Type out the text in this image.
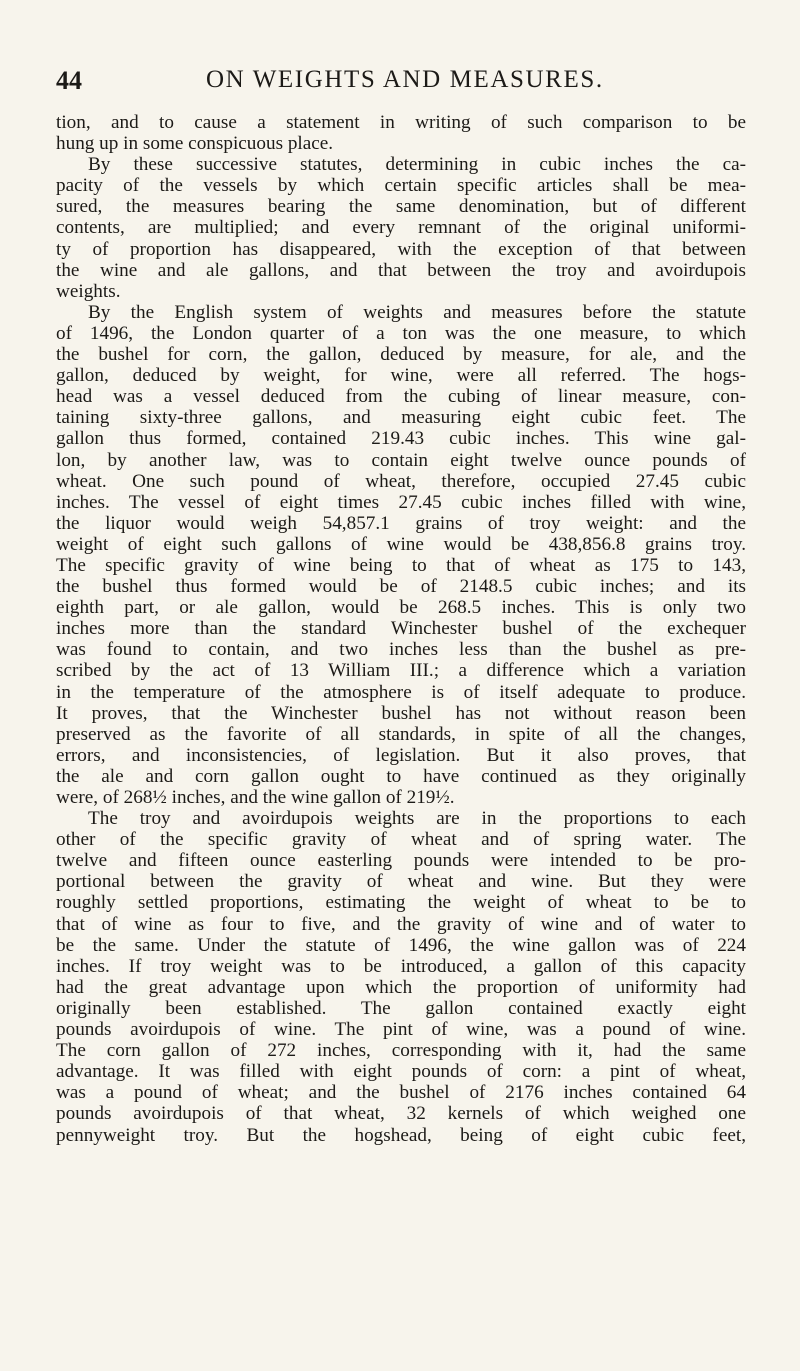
44	ON WEIGHTS AND MEASURES.
tion, and to cause a statement in writing of such comparison to be
hung up in some conspicuous place.
By these successive statutes, determining in cubic inches the ca-
pacity of the vessels by which certain specific articles shall be mea-
sured, the measures bearing the same denomination, but of different
contents, are multiplied; and every remnant of the original uniformi-
ty of proportion has disappeared, with the exception of that between
the wine and ale gallons, and that between the troy and avoirdupois
weights.
By the English system of weights and measures before the statute
of 1496, the London quarter of a ton was the one measure, to which
the bushel for corn, the gallon, deduced by measure, for ale, and the
gallon, deduced by weight, for wine, were all referred. The hogs-
head was a vessel deduced from the cubing of linear measure, con-
taining sixty-three gallons, and measuring eight cubic feet. The
gallon thus formed, contained 219.43 cubic inches. This wine gal-
lon, by another law, was to contain eight twelve ounce pounds of
wheat. One such pound of wheat, therefore, occupied 27.45 cubic
inches. The vessel of eight times 27.45 cubic inches filled with wine,
the liquor would weigh 54,857.1 grains of troy weight: and the
weight of eight such gallons of wine would be 438,856.8 grains troy.
The specific gravity of wine being to that of wheat as 175 to 143,
the bushel thus formed would be of 2148.5 cubic inches; and its
eighth part, or ale gallon, would be 268.5 inches. This is only two
inches more than the standard Winchester bushel of the exchequer
was found to contain, and two inches less than the bushel as pre-
scribed by the act of 13 William III.; a difference which a variation
in the temperature of the atmosphere is of itself adequate to produce.
It proves, that the Winchester bushel has not without reason been
preserved as the favorite of all standards, in spite of all the changes,
errors, and inconsistencies, of legislation. But it also proves, that
the ale and corn gallon ought to have continued as they originally
were, of 268½ inches, and the wine gallon of 219½.
The troy and avoirdupois weights are in the proportions to each
other of the specific gravity of wheat and of spring water. The
twelve and fifteen ounce easterling pounds were intended to be pro-
portional between the gravity of wheat and wine. But they were
roughly settled proportions, estimating the weight of wheat to be to
that of wine as four to five, and the gravity of wine and of water to
be the same. Under the statute of 1496, the wine gallon was of 224
inches. If troy weight was to be introduced, a gallon of this capacity
had the great advantage upon which the proportion of uniformity had
originally been established. The gallon contained exactly eight
pounds avoirdupois of wine. The pint of wine, was a pound of wine.
The corn gallon of 272 inches, corresponding with it, had the same
advantage. It was filled with eight pounds of corn: a pint of wheat,
was a pound of wheat; and the bushel of 2176 inches contained 64
pounds avoirdupois of that wheat, 32 kernels of which weighed one
pennyweight troy. But the hogshead, being of eight cubic feet,
